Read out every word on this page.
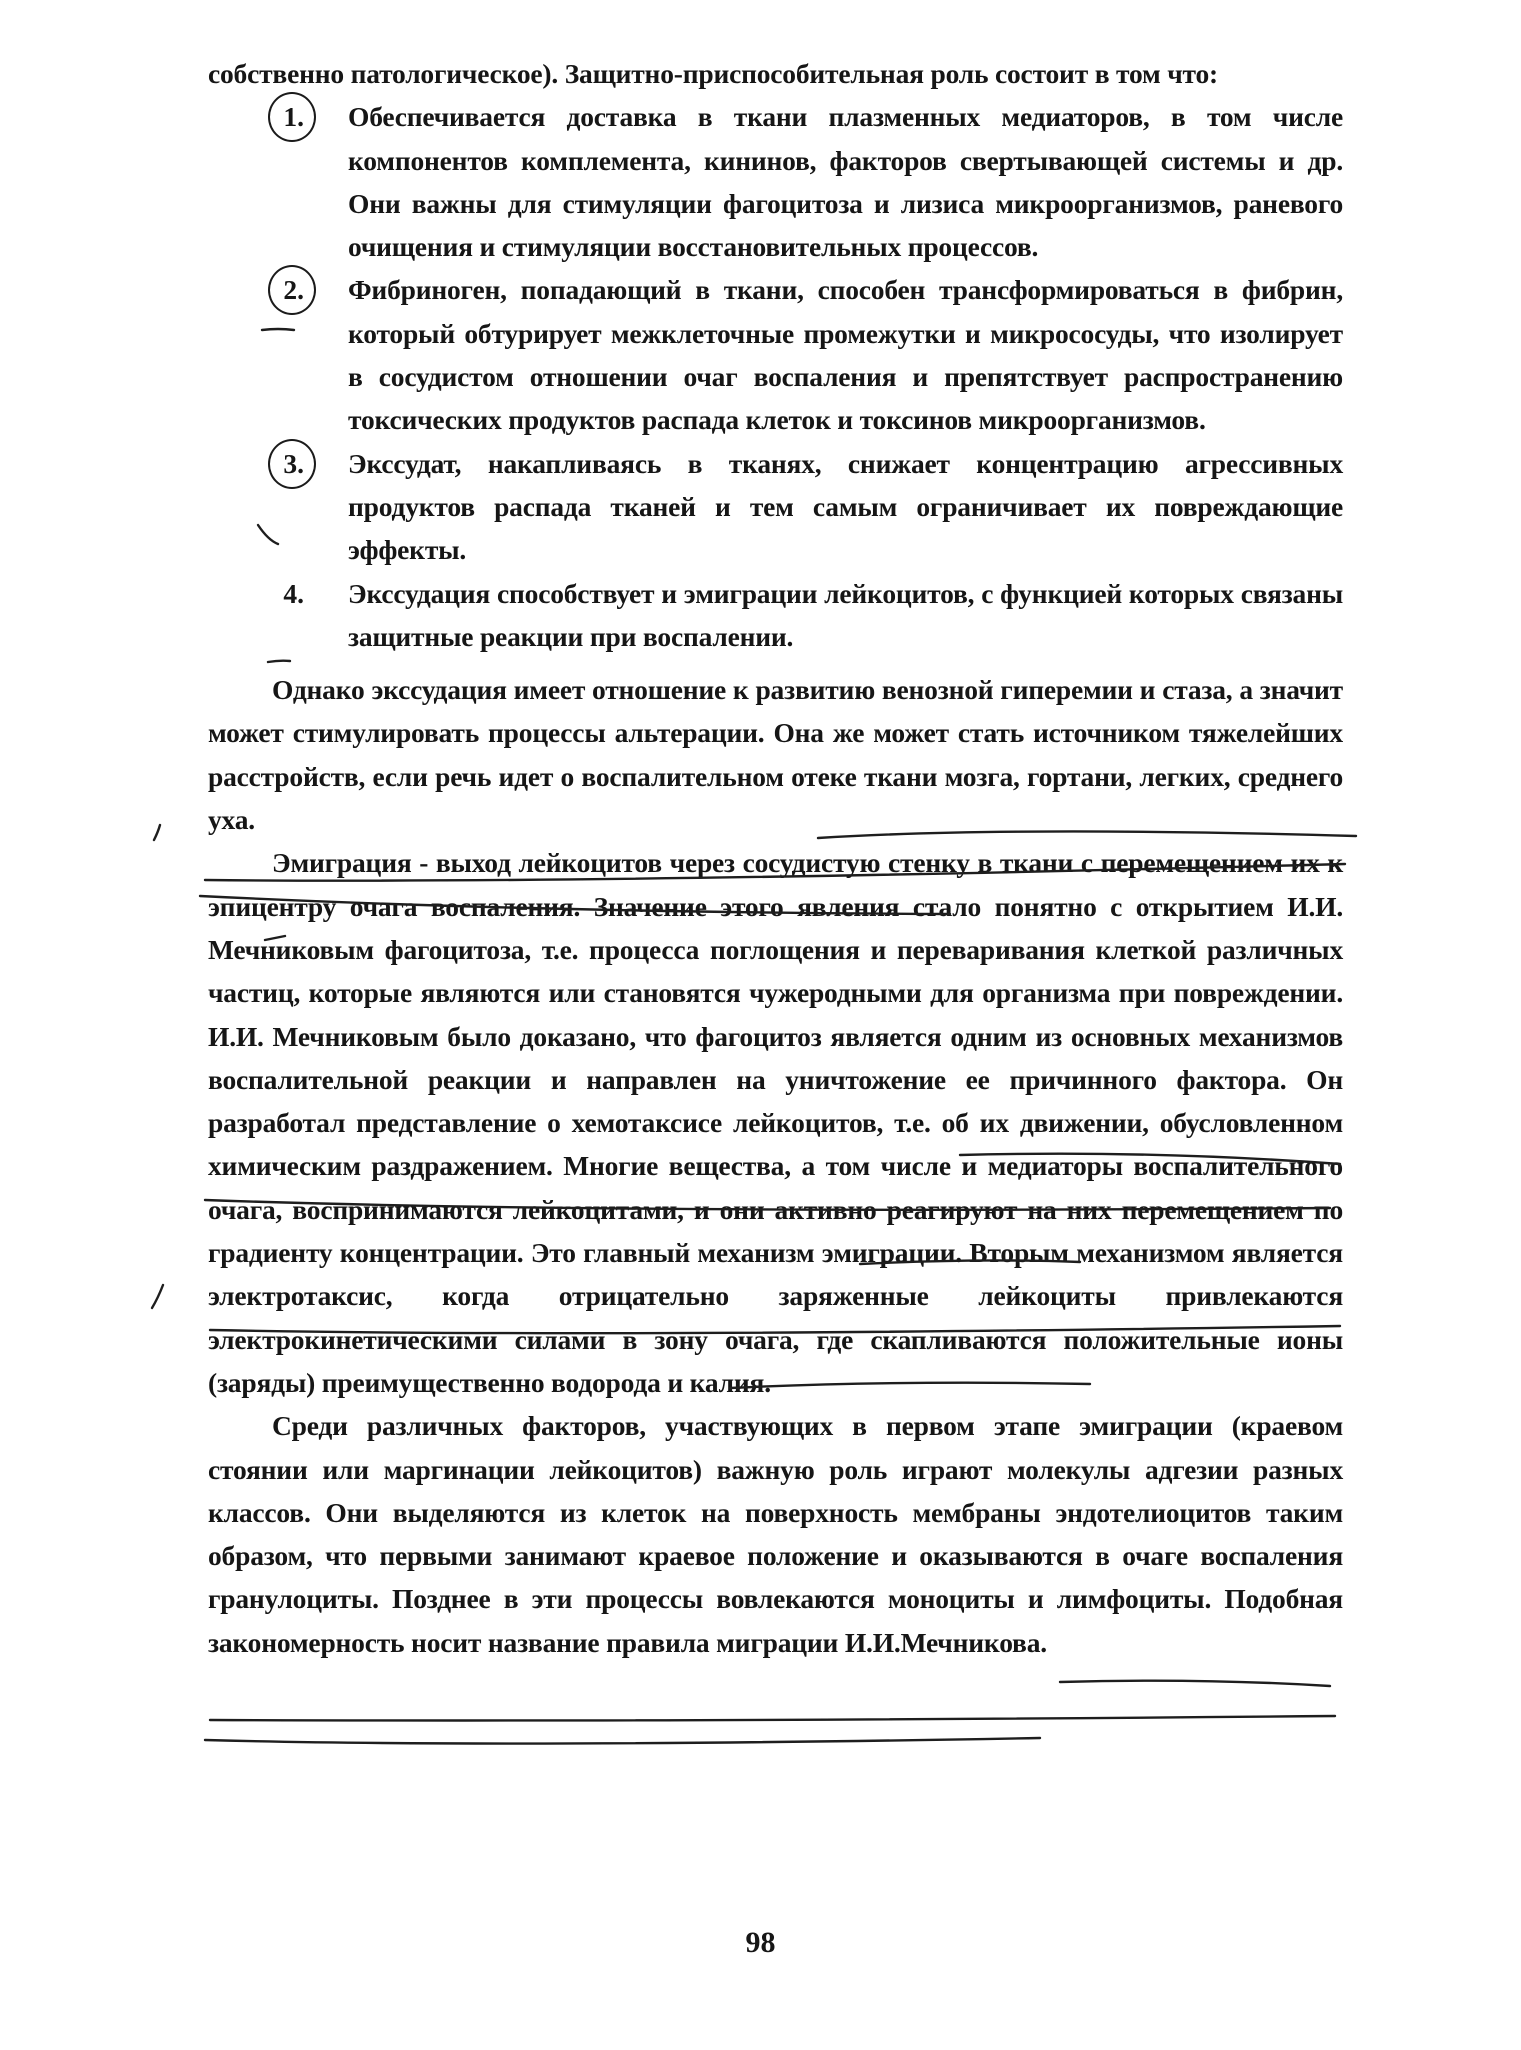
собственно патологическое). Защитно-приспособительная роль состоит в том что:

1. Обеспечивается доставка в ткани плазменных медиаторов, в том числе компонентов комплемента, кининов, факторов свертывающей системы и др. Они важны для стимуляции фагоцитоза и лизиса микроорганизмов, раневого очищения и стимуляции восстановительных процессов.
2. Фибриноген, попадающий в ткани, способен трансформироваться в фибрин, который обтурирует межклеточные промежутки и микрососуды, что изолирует в сосудистом отношении очаг воспаления и препятствует распространению токсических продуктов распада клеток и токсинов микроорганизмов.
3. Экссудат, накапливаясь в тканях, снижает концентрацию агрессивных продуктов распада тканей и тем самым ограничивает их повреждающие эффекты.
4. Экссудация способствует и эмиграции лейкоцитов, с функцией которых связаны защитные реакции при воспалении.

Однако экссудация имеет отношение к развитию венозной гиперемии и стаза, а значит может стимулировать процессы альтерации. Она же может стать источником тяжелейших расстройств, если речь идет о воспалительном отеке ткани мозга, гортани, легких, среднего уха.

Эмиграция - выход лейкоцитов через сосудистую стенку в ткани с перемещением их к эпицентру очага воспаления. Значение этого явления стало понятно с открытием И.И. Мечниковым фагоцитоза, т.е. процесса поглощения и переваривания клеткой различных частиц, которые являются или становятся чужеродными для организма при повреждении. И.И. Мечниковым было доказано, что фагоцитоз является одним из основных механизмов воспалительной реакции и направлен на уничтожение ее причинного фактора. Он разработал представление о хемотаксисе лейкоцитов, т.е. об их движении, обусловленном химическим раздражением. Многие вещества, а том числе и медиаторы воспалительного очага, воспринимаются лейкоцитами, и они активно реагируют на них перемещением по градиенту концентрации. Это главный механизм эмиграции. Вторым механизмом является электротаксис, когда отрицательно заряженные лейкоциты привлекаются электрокинетическими силами в зону очага, где скапливаются положительные ионы (заряды) преимущественно водорода и калия.

Среди различных факторов, участвующих в первом этапе эмиграции (краевом стоянии или маргинации лейкоцитов) важную роль играют молекулы адгезии разных классов. Они выделяются из клеток на поверхность мембраны эндотелиоцитов таким образом, что первыми занимают краевое положение и оказываются в очаге воспаления гранулоциты. Позднее в эти процессы вовлекаются моноциты и лимфоциты. Подобная закономерность носит название правила миграции И.И.Мечникова.

98
